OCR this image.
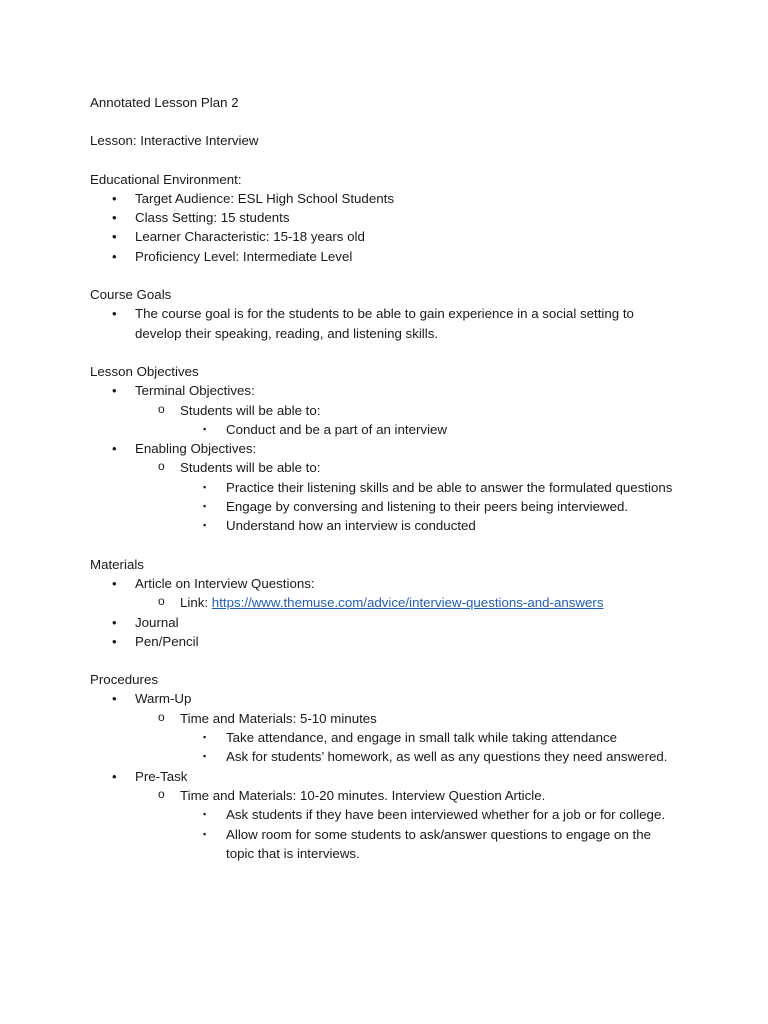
Annotated Lesson Plan 2

Lesson: Interactive Interview

Educational Environment:

• Target Audience: ESL High School Students
• Class Setting: 15 students
• Learner Characteristic: 15-18 years old
• Proficiency Level: Intermediate Level

Course Goals

• The course goal is for the students to be able to gain experience in a social setting to develop their speaking, reading, and listening skills.

Lesson Objectives

• Terminal Objectives:
o Students will be able to:
▪ Conduct and be a part of an interview
• Enabling Objectives:
o Students will be able to:
▪ Practice their listening skills and be able to answer the formulated questions
▪ Engage by conversing and listening to their peers being interviewed.
▪ Understand how an interview is conducted

Materials

• Article on Interview Questions:
o Link: https://www.themuse.com/advice/interview-questions-and-answers
• Journal
• Pen/Pencil

Procedures

• Warm-Up
o Time and Materials: 5-10 minutes
▪ Take attendance, and engage in small talk while taking attendance
▪ Ask for students’ homework, as well as any questions they need answered.
• Pre-Task
o Time and Materials: 10-20 minutes. Interview Question Article.
▪ Ask students if they have been interviewed whether for a job or for college.
▪ Allow room for some students to ask/answer questions to engage on the topic that is interviews.
